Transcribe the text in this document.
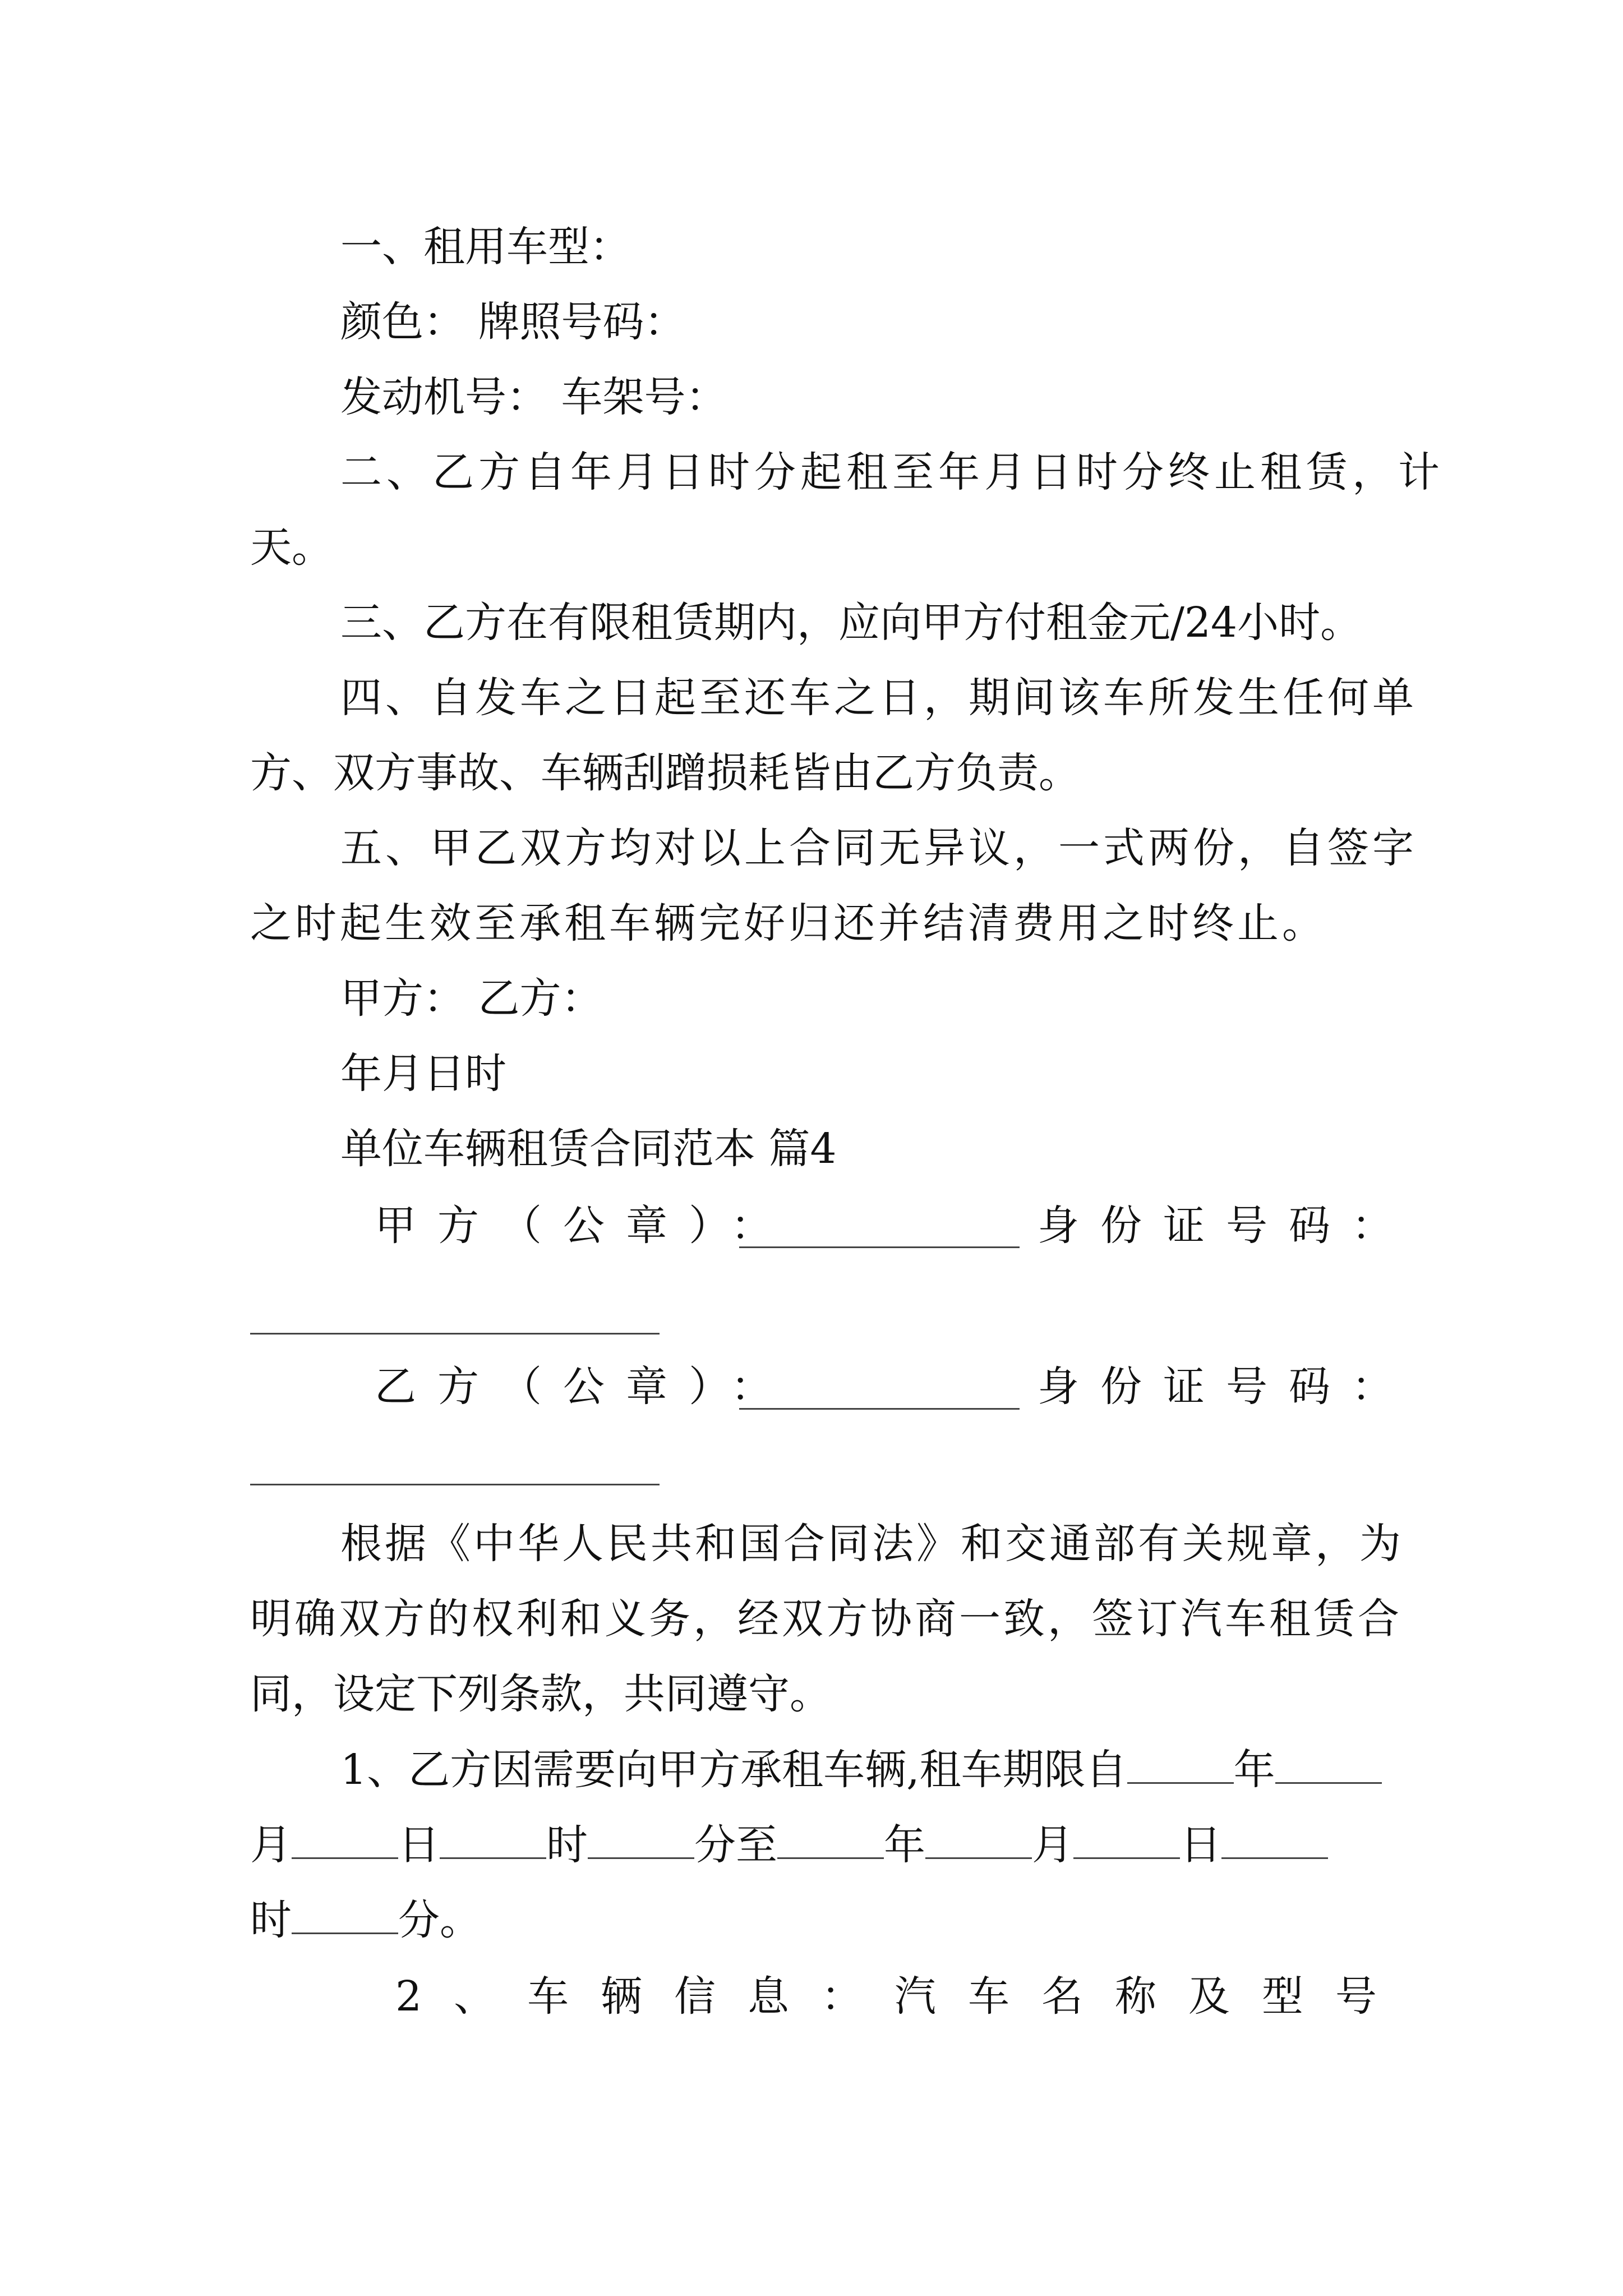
一、租用车型：
颜色： 牌照号码：
发动机号： 车架号：
二、乙方自年月日时分起租至年月日时分终止租赁，计
天。
三、乙方在有限租赁期内，应向甲方付租金元/24小时。
四、自发车之日起至还车之日，期间该车所发生任何单
方、双方事故、车辆刮蹭损耗皆由乙方负责。
五、甲乙双方均对以上合同无异议，一式两份，自签字
之时起生效至承租车辆完好归还并结清费用之时终止。
甲方： 乙方：
年月日时
单位车辆租赁合同范本 篇4
甲方（公章）：	身份证号码：
乙方（公章）：	身份证号码：
根据《中华人民共和国合同法》和交通部有关规章，为
明确双方的权利和义务，经双方协商一致，签订汽车租赁合
同，设定下列条款，共同遵守。
1、乙方因需要向甲方承租车辆,租车期限自	年
月	日	时	分至	年	月	日
时	分。
2 、 车 辆 信 息 ： 汽 车 名 称 及 型 号
